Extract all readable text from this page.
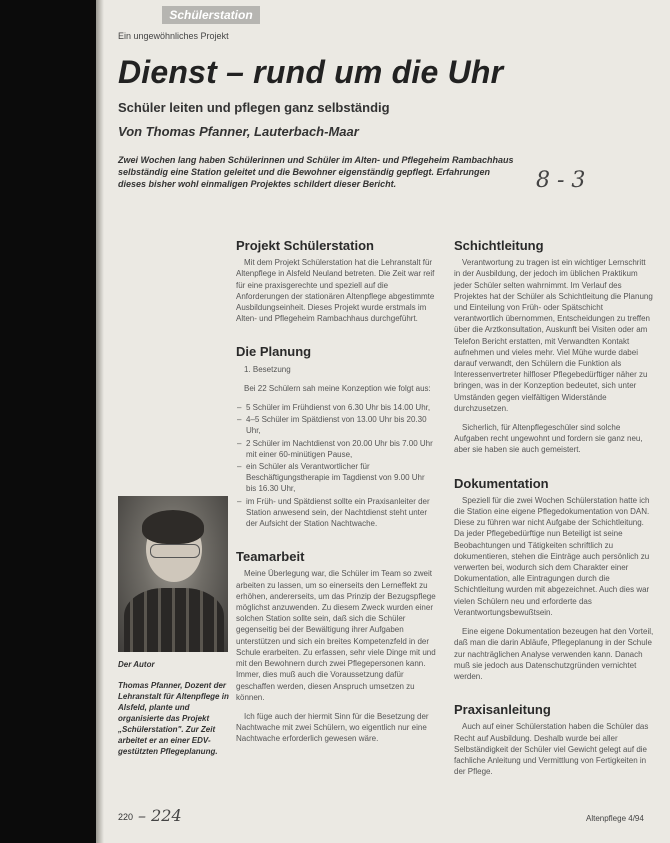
Schülerstation
Ein ungewöhnliches Projekt
Dienst – rund um die Uhr
Schüler leiten und pflegen ganz selbständig
Von Thomas Pfanner, Lauterbach-Maar

Zwei Wochen lang haben Schülerinnen und Schüler im Alten- und Pflegeheim Rambachhaus selbständig eine Station geleitet und die Bewohner eigenständig gepflegt. Erfahrungen dieses bisher wohl einmaligen Projektes schildert dieser Bericht.	8 - 3
Der Autor

Thomas Pfanner, Dozent der Lehranstalt für Altenpflege in Alsfeld, plante und organisierte das Projekt „Schülerstation". Zur Zeit arbeitet er an einer EDV-gestützten Pflegeplanung.

Projekt Schülerstation

Mit dem Projekt Schülerstation hat die Lehranstalt für Altenpflege in Alsfeld Neuland betreten. Die Zeit war reif für eine praxisgerechte und speziell auf die Anforderungen der stationären Altenpflege abgestimmte Ausbildungseinheit. Dieses Projekt wurde erstmals im Alten- und Pflegeheim Rambachhaus durchgeführt.

Die Planung

1. Besetzung

Bei 22 Schülern sah meine Konzeption wie folgt aus:

– 5 Schüler im Frühdienst von 6.30 Uhr bis 14.00 Uhr,
– 4–5 Schüler im Spätdienst von 13.00 Uhr bis 20.30 Uhr,
– 2 Schüler im Nachtdienst von 20.00 Uhr bis 7.00 Uhr mit einer 60-minütigen Pause,
– ein Schüler als Verantwortlicher für Beschäftigungstherapie im Tagdienst von 9.00 Uhr bis 16.30 Uhr,
– im Früh- und Spätdienst sollte ein Praxisanleiter der Station anwesend sein, der Nachtdienst steht unter der Aufsicht der Station Nachtwache.
Teamarbeit

Meine Überlegung war, die Schüler im Team so zweit arbeiten zu lassen, um so einerseits den Lerneffekt zu erhöhen, andererseits, um das Prinzip der Bezugspflege möglichst anzuwenden. Zu diesem Zweck wurden einer solchen Station sollte sein, daß sich die Schüler gegenseitig bei der Bewältigung ihrer Aufgaben unterstützen und sich ein breites Kompetenzfeld in der Schule erarbeiten. Zu erfassen, sehr viele Dinge mit und mit den Bewohnern durch zwei Pflegepersonen kann. Immer, dies muß auch die Voraussetzung dafür geschaffen werden, diesen Anspruch umsetzen zu können.

Ich füge auch der hiermit Sinn für die Besetzung der Nachtwache mit zwei Schülern, wo eigentlich nur eine Nachtwache erforderlich gewesen wäre.

Schichtleitung

Verantwortung zu tragen ist ein wichtiger Lernschritt in der Ausbildung, der jedoch im üblichen Praktikum jeder Schüler selten wahrnimmt. Im Verlauf des Projektes hat der Schüler als Schichtleitung die Planung und Einteilung von Früh- oder Spätschicht verantwortlich übernommen, Entscheidungen zu treffen über die Arztkonsultation, Auskunft bei Visiten oder am Telefon Bericht erstatten, mit Verwandten Kontakt aufnehmen und vieles mehr. Viel Mühe wurde dabei darauf verwandt, den Schülern die Funktion als Interessenvertreter hilfloser Pflegebedürftiger näher zu bringen, was in der Konzeption bedeutet, sich unter Umständen gegen vielfältigen Widerstände durchzusetzen.

Sicherlich, für Altenpflegeschüler sind solche Aufgaben recht ungewohnt und fordern sie ganz neu, aber sie haben sie auch gemeistert.

Dokumentation

Speziell für die zwei Wochen Schülerstation hatte ich die Station eine eigene Pflegedokumentation von DAN. Diese zu führen war nicht Aufgabe der Schichtleitung. Da jeder Pflegebedürftige nun Beteiligt ist seine Beobachtungen und Tätigkeiten schriftlich zu dokumentieren, stehen die Einträge auch persönlich zu verwerten bei, wodurch sich dem Charakter einer Dokumentation, alle Eintragungen durch die Schichtleitung wurden mit abgezeichnet. Auch dies war vielen Schülern neu und erforderte das Verantwortungsbewußtsein.

Eine eigene Dokumentation bezeugen hat den Vorteil, daß man die darin Abläufe, Pflegeplanung in der Schule zur nachträglichen Analyse verwenden kann. Danach muß sie jedoch aus Datenschutzgründen vernichtet werden.

Praxisanleitung

Auch auf einer Schülerstation haben die Schüler das Recht auf Ausbildung. Deshalb wurde bei aller Selbständigkeit der Schüler viel Gewicht gelegt auf die fachliche Anleitung und Vermittlung von Fertigkeiten in der Pflege.

220 – 224	Altenpflege 4/94
